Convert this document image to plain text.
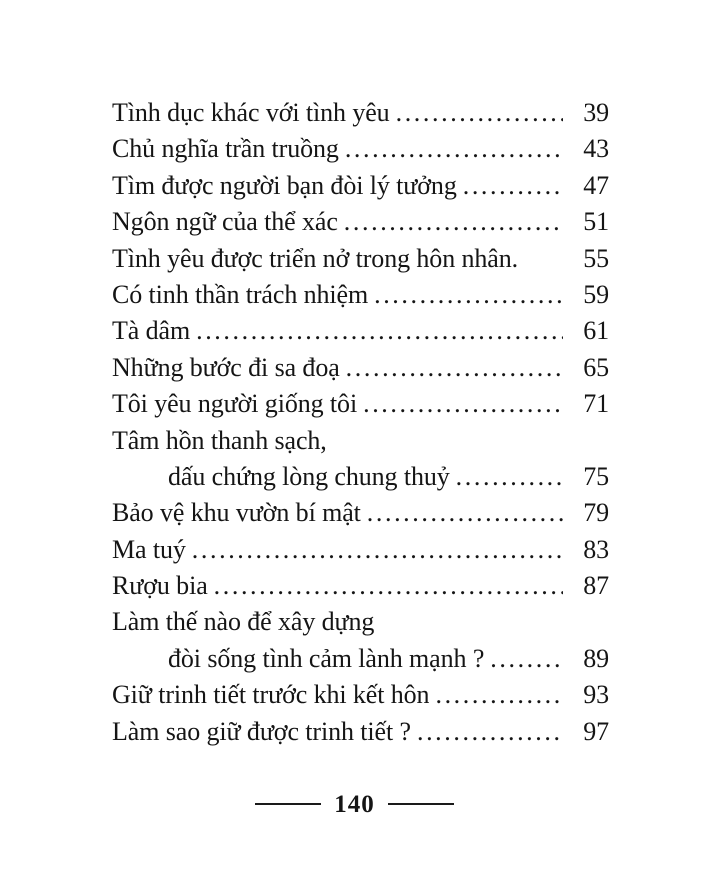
Tình dục khác với tình yêu .....	39
Chủ nghĩa trần truồng .....	43
Tìm được người bạn đòi lý tưởng .....	47
Ngôn ngữ của thể xác .....	51
Tình yêu được triển nở trong hôn nhân.	55
Có tinh thần trách nhiệm .....	59
Tà dâm .....	61
Những bước đi sa đoạ .....	65
Tôi yêu người giống tôi .....	71
Tâm hồn thanh sạch,
dấu chứng lòng chung thuỷ .....	75
Bảo vệ khu vườn bí mật .....	79
Ma tuý .....	83
Rượu bia .....	87
Làm thế nào để xây dựng
đòi sống tình cảm lành mạnh ? .....	89
Giữ trinh tiết trước khi kết hôn .....	93
Làm sao giữ được trinh tiết ? .....	97
140
